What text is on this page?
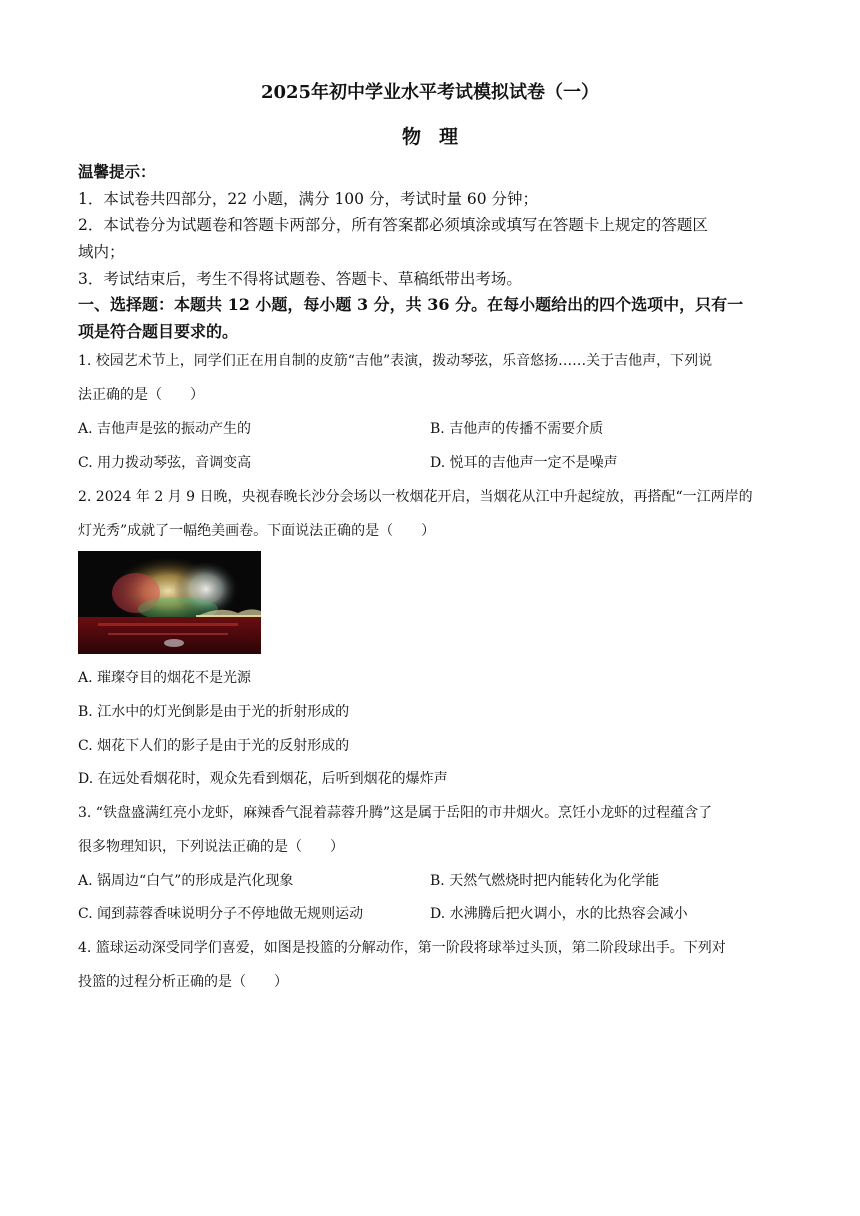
2025年初中学业水平考试模拟试卷（一）
物理
温馨提示：
1．本试卷共四部分，22 小题，满分 100 分，考试时量 60 分钟；
2．本试卷分为试题卷和答题卡两部分，所有答案都必须填涂或填写在答题卡上规定的答题区
域内；
3．考试结束后，考生不得将试题卷、答题卡、草稿纸带出考场。
一、选择题：本题共 12 小题，每小题 3 分，共 36 分。在每小题给出的四个选项中，只有一
项是符合题目要求的。
1. 校园艺术节上，同学们正在用自制的皮筋“吉他”表演，拨动琴弦，乐音悠扬……关于吉他声，下列说
法正确的是（　　）
A. 吉他声是弦的振动产生的	B. 吉他声的传播不需要介质
C. 用力拨动琴弦，音调变高	D. 悦耳的吉他声一定不是噪声
2. 2024 年 2 月 9 日晚，央视春晚长沙分会场以一枚烟花开启，当烟花从江中升起绽放，再搭配“一江两岸的
灯光秀”成就了一幅绝美画卷。下面说法正确的是（　　）
A. 璀璨夺目的烟花不是光源
B. 江水中的灯光倒影是由于光的折射形成的
C. 烟花下人们的影子是由于光的反射形成的
D. 在远处看烟花时，观众先看到烟花，后听到烟花的爆炸声
3. “铁盘盛满红亮小龙虾，麻辣香气混着蒜蓉升腾”这是属于岳阳的市井烟火。烹饪小龙虾的过程蕴含了
很多物理知识，下列说法正确的是（　　）
A. 锅周边“白气”的形成是汽化现象	B. 天然气燃烧时把内能转化为化学能
C. 闻到蒜蓉香味说明分子不停地做无规则运动	D. 水沸腾后把火调小，水的比热容会减小
4. 篮球运动深受同学们喜爱，如图是投篮的分解动作，第一阶段将球举过头顶，第二阶段球出手。下列对
投篮的过程分析正确的是（　　）
